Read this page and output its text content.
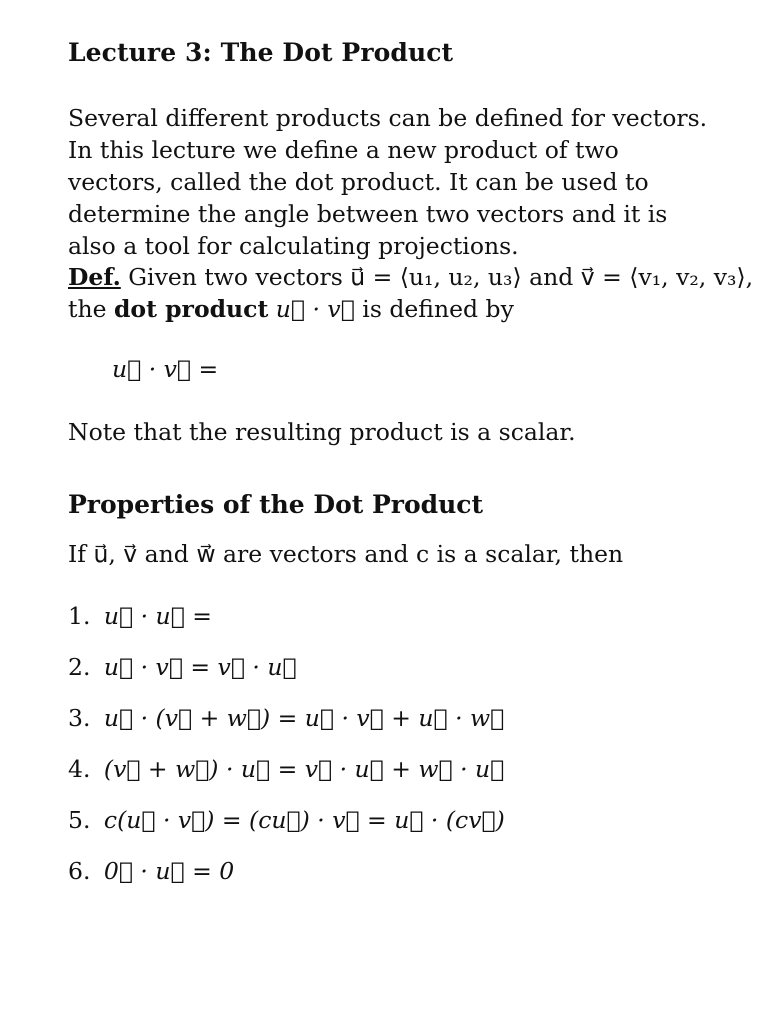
Lecture 3: The Dot Product

Several different products can be defined for vectors. In this lecture we define a new product of two vectors, called the dot product. It can be used to determine the angle between two vectors and it is also a tool for calculating projections.

Def. Given two vectors u⃗ = ⟨u₁, u₂, u₃⟩ and v⃗ = ⟨v₁, v₂, v₃⟩,

the dot product u⃗ · v⃗ is defined by

u⃗ · v⃗ =

Note that the resulting product is a scalar.

Properties of the Dot Product

If u⃗, v⃗ and w⃗ are vectors and c is a scalar, then

1. u⃗ · u⃗ =

2. u⃗ · v⃗ = v⃗ · u⃗

3. u⃗ · (v⃗ + w⃗) = u⃗ · v⃗ + u⃗ · w⃗

4. (v⃗ + w⃗) · u⃗ = v⃗ · u⃗ + w⃗ · u⃗

5. c(u⃗ · v⃗) = (cu⃗) · v⃗ = u⃗ · (cv⃗)

6. 0⃗ · u⃗ = 0
